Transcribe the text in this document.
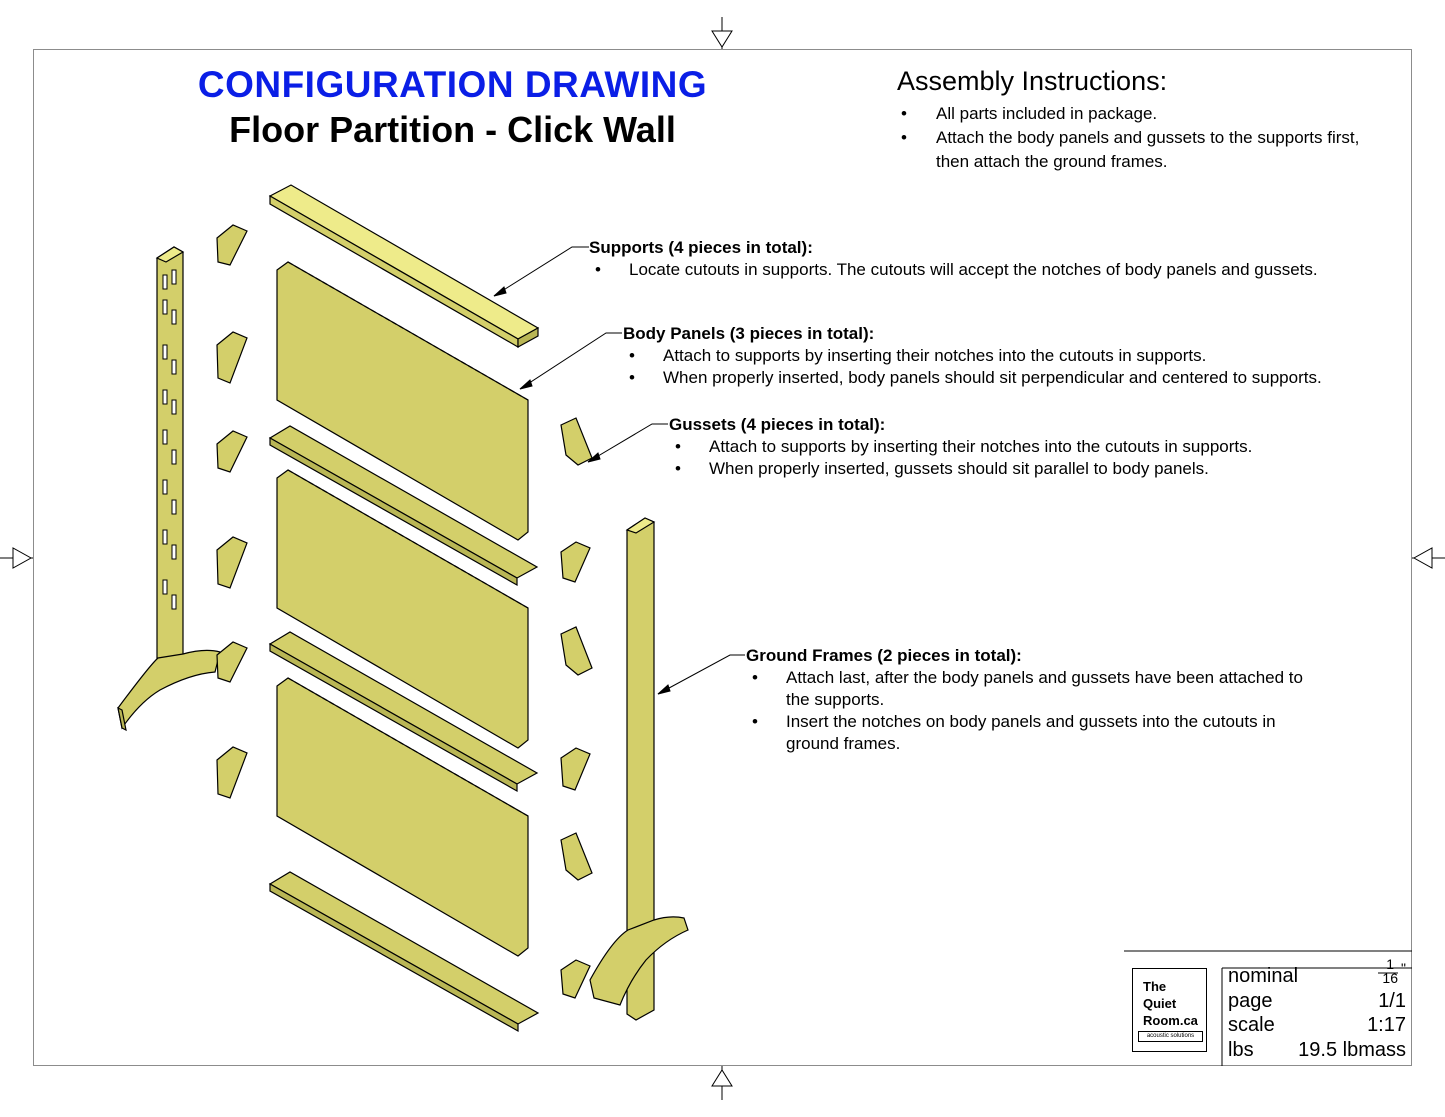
CONFIGURATION DRAWING
Floor Partition - Click Wall
Assembly Instructions:
• All parts included in package.
• Attach the body panels and gussets to the supports first,
then attach the ground frames.
Supports (4 pieces in total):
• Locate cutouts in supports. The cutouts will accept the notches of body panels and gussets.
Body Panels (3 pieces in total):
• Attach to supports by inserting their notches into the cutouts in supports.
• When properly inserted, body panels should sit perpendicular and centered to supports.
Gussets (4 pieces in total):
• Attach to supports by inserting their notches into the cutouts in supports.
• When properly inserted, gussets should sit parallel to body panels.
Ground Frames (2 pieces in total):
• Attach last, after the body panels and gussets have been attached to
the supports.
• Insert the notches on body panels and gussets into the cutouts in
ground frames.
The
Quiet
Room.ca
acoustic solutions
nominal
1
16
"
page	1/1
scale	1:17
lbs 19.5 lbmass
